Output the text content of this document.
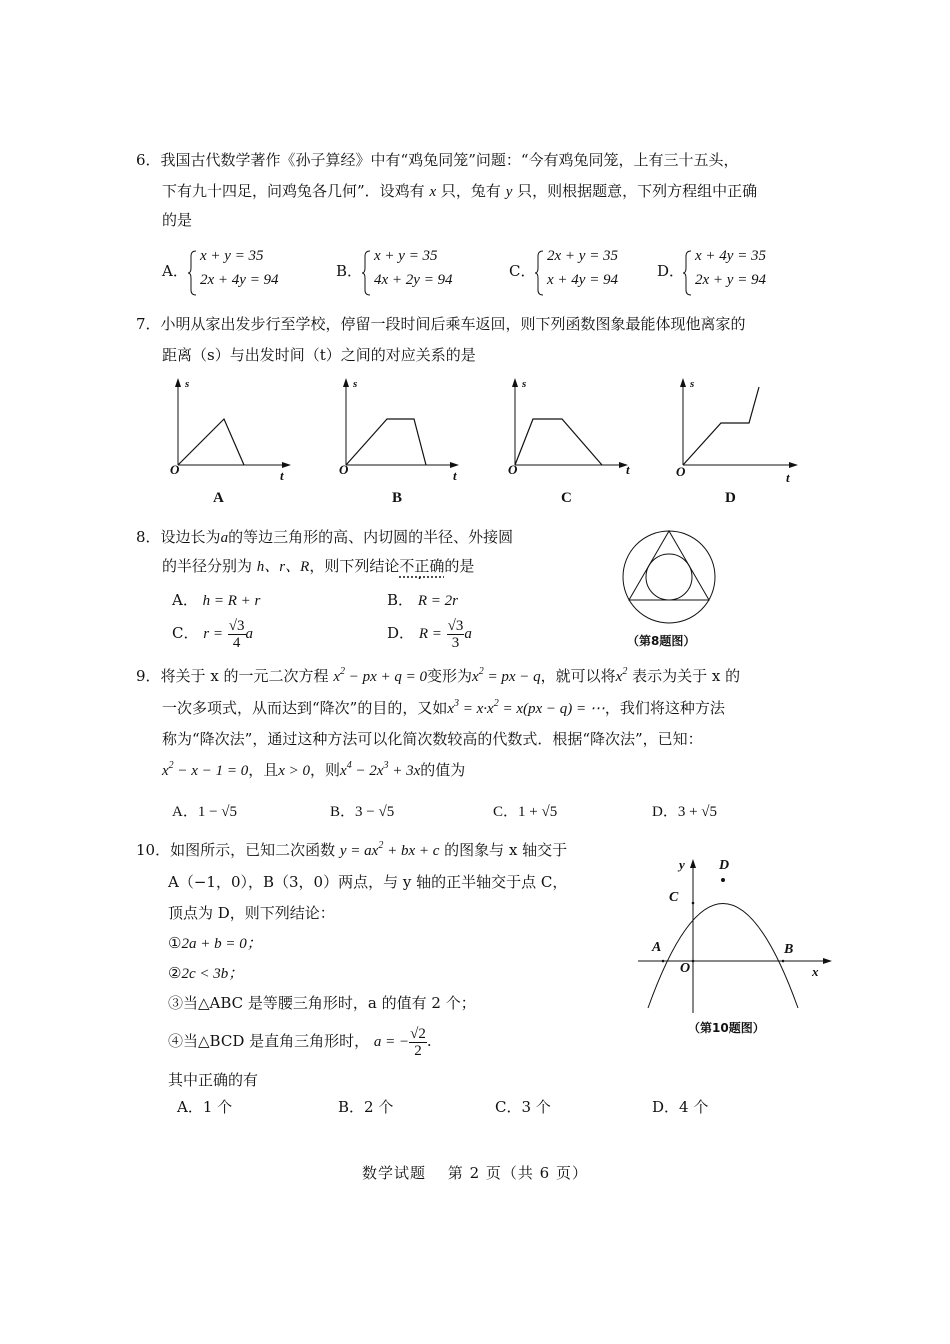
6．我国古代数学著作《孙子算经》中有“鸡兔同笼”问题：“今有鸡兔同笼，上有三十五头，
下有九十四足，问鸡兔各几何”．设鸡有 x 只，兔有 y 只，则根据题意，下列方程组中正确
的是
A．
x + y = 35
2x + 4y = 94	B．
x + y = 35
4x + 2y = 94	C．
2x + y = 35
x + 4y = 94	D．
x + 4y = 35
2x + y = 94
7．小明从家出发步行至学校，停留一段时间后乘车返回，则下列函数图象最能体现他离家的
距离（s）与出发时间（t）之间的对应关系的是
s
O	t
A
s
O	t
B
s
O	t
C
s
O	t
D
8．设边长为a的等边三角形的高、内切圆的半径、外接圆
的半径分别为 h、r、R，则下列结论不正确的是
A． h = R + r	B． R = 2r
C． $r = \frac{√3}{4}$ a	D． $R = \frac{√3}{3}$ a	（第8题图）
9．将关于 x 的一元二次方程 $x^2$ − px + q = 0变形为$x^2$ = px − q，就可以将$x^2$ 表示为关于 x 的
一次多项式，从而达到“降次”的目的，又如$x^3 = x\cdot x^2 = x(px - q)$ = ⋯，我们将这种方法
称为“降次法”，通过这种方法可以化简次数较高的代数式．根据“降次法”，已知：
$x^2 - x - 1 = 0$，且x > 0，则$x^4 - 2x^3 + 3x$的值为
A．1 − √5	B．3 − √5	C．1 + √5	D．3 + √5
10．如图所示，已知二次函数 $y = ax^2$ + bx + c 的图象与 x 轴交于
A（−1，0），B（3，0）两点，与 y 轴的正半轴交于点 C，
顶点为 D，则下列结论：
①2a + b = 0；
②2c < 3b；
③当△ABC 是等腰三角形时，a 的值有 2 个；
④当△BCD 是直角三角形时， a = − $\frac{√2}{2}$ .
其中正确的有
A．1 个	B．2 个	C．3 个	D．4 个
y D
C
A	B
O	x
（第10题图）
数学试题　 第 2 页（共 6 页）
